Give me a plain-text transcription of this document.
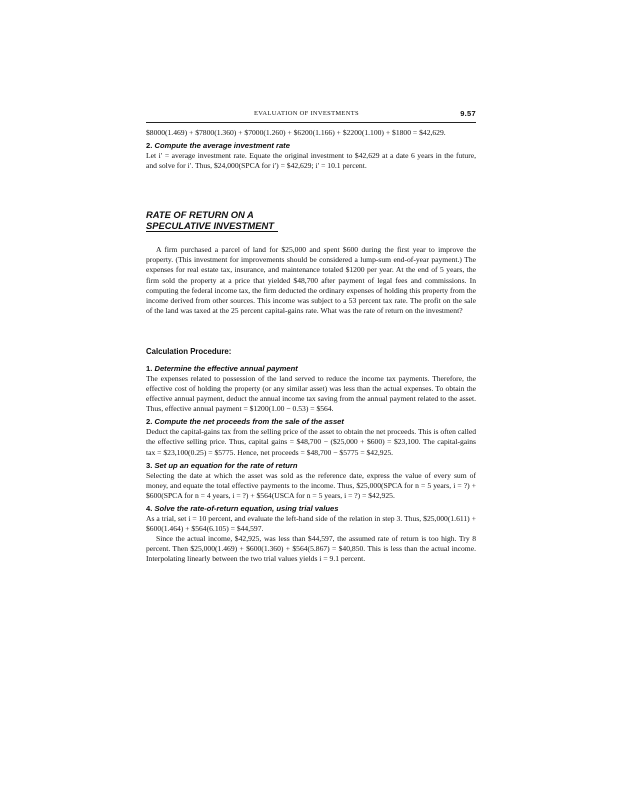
EVALUATION OF INVESTMENTS	9.57

$8000(1.469) + $7800(1.360) + $7000(1.260) + $6200(1.166) + $2200(1.100) + $1800 = $42,629.

2. Compute the average investment rate

Let i′ = average investment rate. Equate the original investment to $42,629 at a date 6 years in the future, and solve for i′. Thus, $24,000(SPCA for i′) = $42,629; i′ = 10.1 percent.

RATE OF RETURN ON A
SPECULATIVE INVESTMENT

A firm purchased a parcel of land for $25,000 and spent $600 during the first year to improve the property. (This investment for improvements should be considered a lump-sum end-of-year payment.) The expenses for real estate tax, insurance, and maintenance totaled $1200 per year. At the end of 5 years, the firm sold the property at a price that yielded $48,700 after payment of legal fees and commissions. In computing the federal income tax, the firm deducted the ordinary expenses of holding this property from the income derived from other sources. This income was subject to a 53 percent tax rate. The profit on the sale of the land was taxed at the 25 percent capital-gains rate. What was the rate of return on the investment?

Calculation Procedure:
1. Determine the effective annual payment

The expenses related to possession of the land served to reduce the income tax payments. Therefore, the effective cost of holding the property (or any similar asset) was less than the actual expenses. To obtain the effective annual payment, deduct the annual income tax saving from the annual payment related to the asset. Thus, effective annual payment = $1200(1.00 − 0.53) = $564.

2. Compute the net proceeds from the sale of the asset

Deduct the capital-gains tax from the selling price of the asset to obtain the net proceeds. This is often called the effective selling price. Thus, capital gains = $48,700 − ($25,000 + $600) = $23,100. The capital-gains tax = $23,100(0.25) = $5775. Hence, net proceeds = $48,700 − $5775 = $42,925.

3. Set up an equation for the rate of return

Selecting the date at which the asset was sold as the reference date, express the value of every sum of money, and equate the total effective payments to the income. Thus, $25,000(SPCA for n = 5 years, i = ?) + $600(SPCA for n = 4 years, i = ?) + $564(USCA for n = 5 years, i = ?) = $42,925.

4. Solve the rate-of-return equation, using trial values

As a trial, set i = 10 percent, and evaluate the left-hand side of the relation in step 3. Thus, $25,000(1.611) + $600(1.464) + $564(6.105) = $44,597.

Since the actual income, $42,925, was less than $44,597, the assumed rate of return is too high. Try 8 percent. Then $25,000(1.469) + $600(1.360) + $564(5.867) = $40,850. This is less than the actual income. Interpolating linearly between the two trial values yields i = 9.1 percent.
